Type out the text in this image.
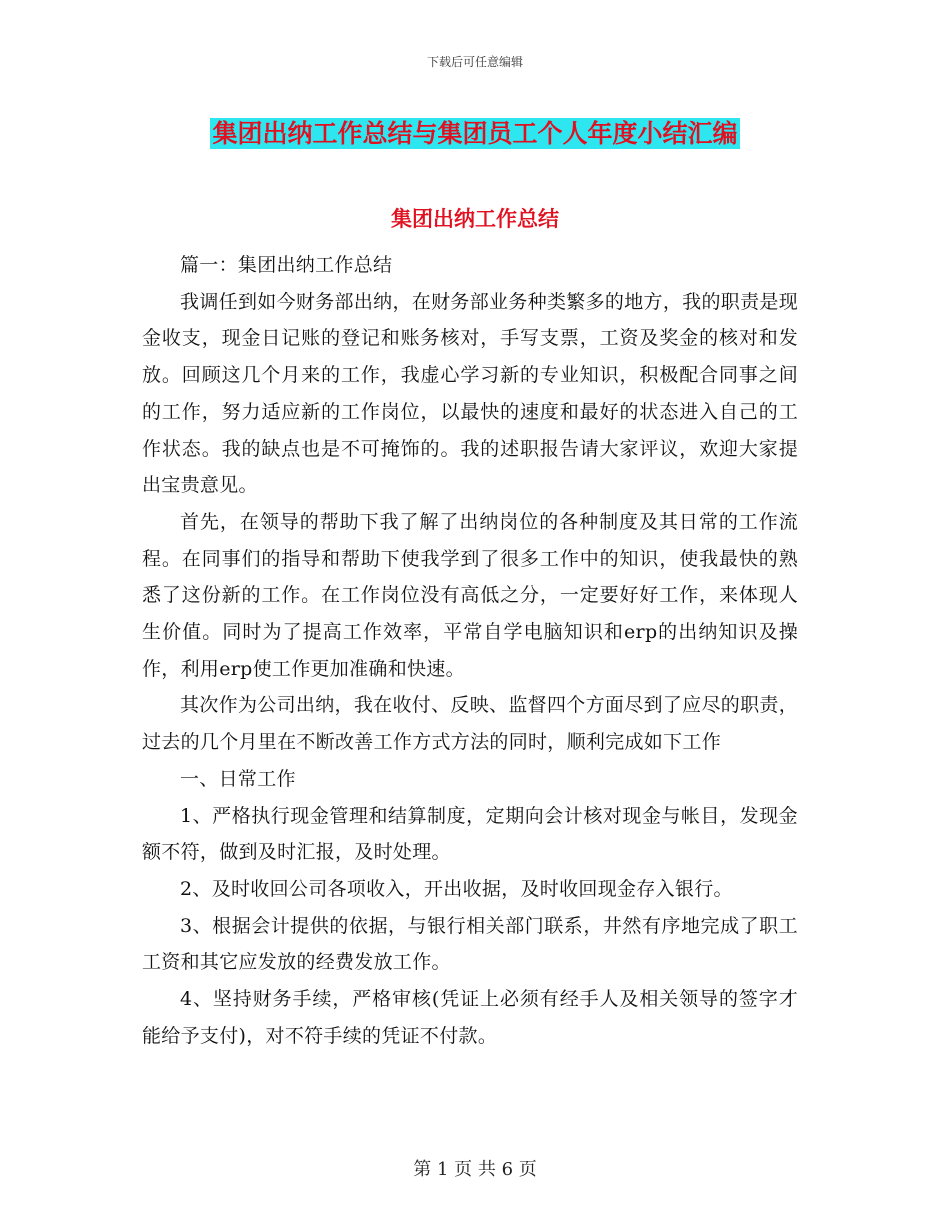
下载后可任意编辑
集团出纳工作总结与集团员工个人年度小结汇编
集团出纳工作总结

篇一：集团出纳工作总结

我调任到如今财务部出纳，在财务部业务种类繁多的地方，我的职责是现金收支，现金日记账的登记和账务核对，手写支票，工资及奖金的核对和发放。回顾这几个月来的工作，我虚心学习新的专业知识，积极配合同事之间的工作，努力适应新的工作岗位，以最快的速度和最好的状态进入自己的工作状态。我的缺点也是不可掩饰的。我的述职报告请大家评议，欢迎大家提出宝贵意见。

首先，在领导的帮助下我了解了出纳岗位的各种制度及其日常的工作流程。在同事们的指导和帮助下使我学到了很多工作中的知识，使我最快的熟悉了这份新的工作。在工作岗位没有高低之分，一定要好好工作，来体现人生价值。同时为了提高工作效率，平常自学电脑知识和erp的出纳知识及操作，利用erp使工作更加准确和快速。

其次作为公司出纳，我在收付、反映、监督四个方面尽到了应尽的职责，过去的几个月里在不断改善工作方式方法的同时，顺利完成如下工作

一、日常工作

1、严格执行现金管理和结算制度，定期向会计核对现金与帐目，发现金额不符，做到及时汇报，及时处理。

2、及时收回公司各项收入，开出收据，及时收回现金存入银行。

3、根据会计提供的依据，与银行相关部门联系，井然有序地完成了职工工资和其它应发放的经费发放工作。

4、坚持财务手续，严格审核(凭证上必须有经手人及相关领导的签字才能给予支付)，对不符手续的凭证不付款。

第 1 页 共 6 页
